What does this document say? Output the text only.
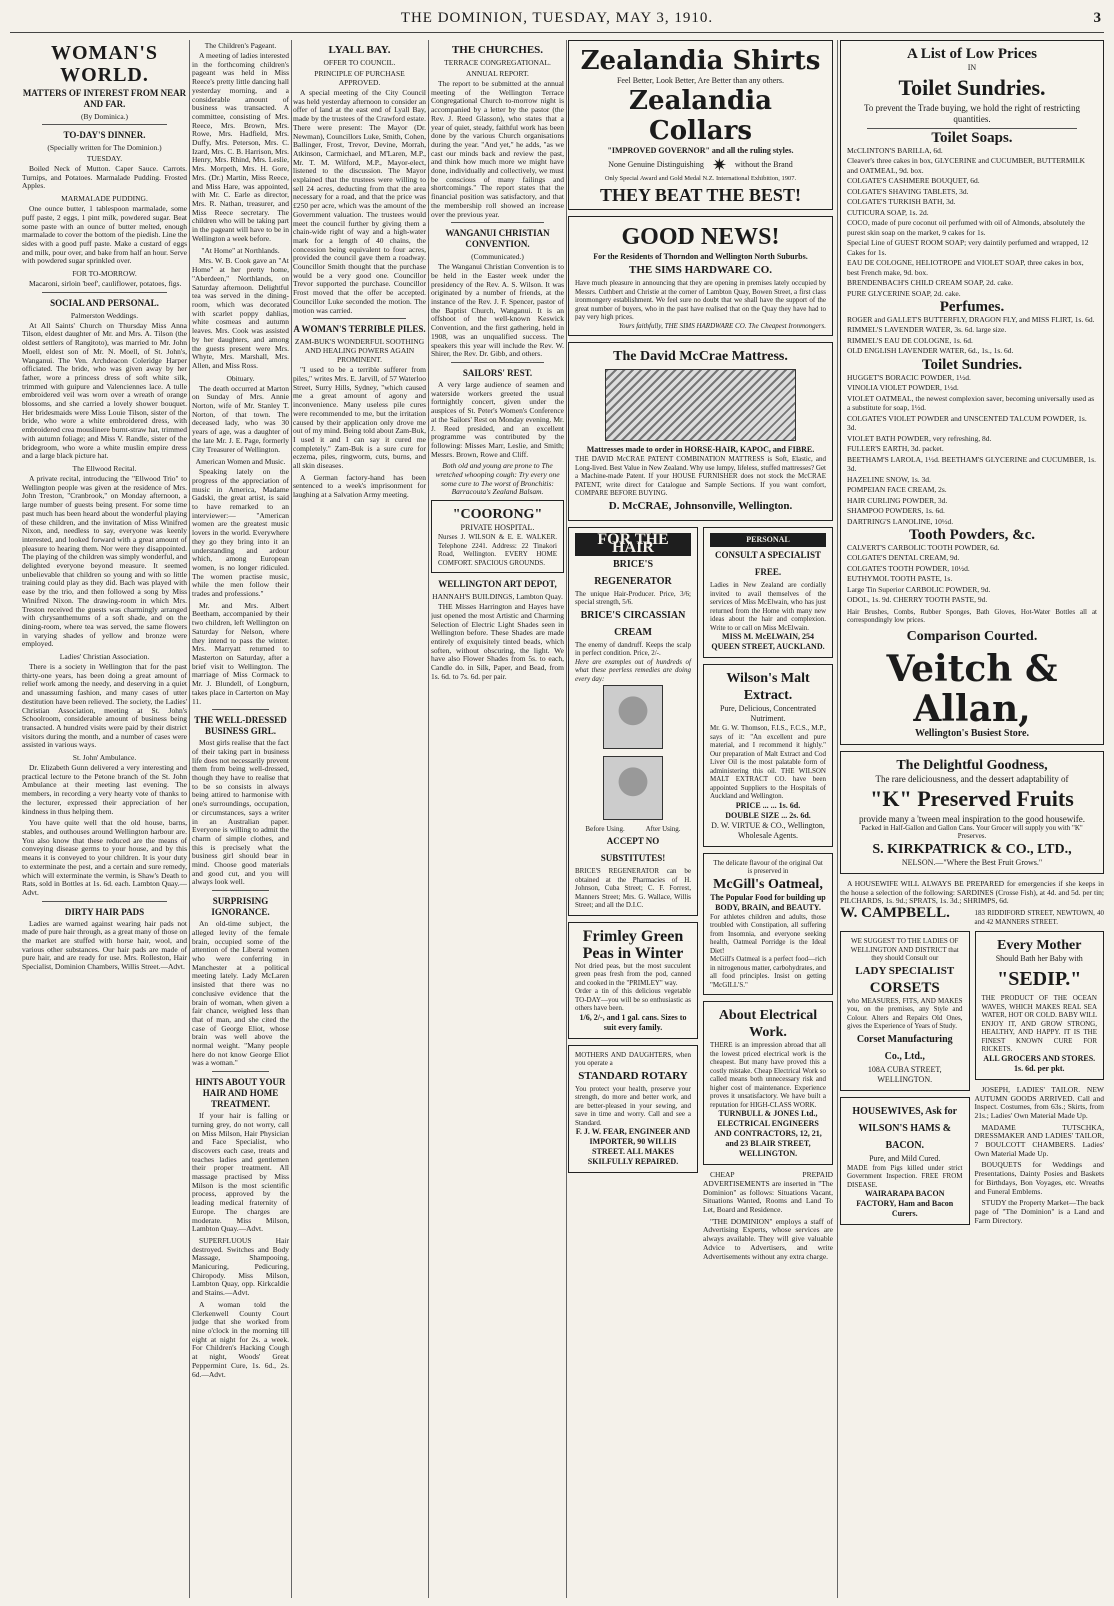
THE DOMINION, TUESDAY, MAY 3, 1910.	3
WOMAN'S WORLD.
MATTERS OF INTEREST FROM NEAR AND FAR.
(By Dominica.)
TO-DAY'S DINNER.
(Specially written for The Dominion.)
TUESDAY.

Boiled Neck of Mutton. Caper Sauce. Carrots. Turnips, and Potatoes. Marmalade Pudding. Frosted Apples.

MARMALADE PUDDING.

One ounce butter, 1 tablespoon marmalade, some puff paste, 2 eggs, 1 pint milk, powdered sugar. Beat some paste with an ounce of butter melted, enough marmalade to cover the bottom of the piedish. Line the sides with a good puff paste. Make a custard of eggs and milk, pour over, and bake from half an hour. Serve with powdered sugar sprinkled over.

FOR TO-MORROW.

Macaroni, sirloin 'beef', cauliflower, potatoes, figs.

SOCIAL AND PERSONAL.
Palmerston Weddings.

At All Saints' Church on Thursday Miss Anna Tilson, eldest daughter of Mr. and Mrs. A. Tilson (the oldest settlers of Rangitoto), was married to Mr. John Moell, eldest son of Mr. N. Moell, of St. John's, Wanganui. The Ven. Archdeacon Coleridge Harper officiated. The bride, who was given away by her father, wore a princess dress of soft white silk, trimmed with guipure and Valenciennes lace. A tulle embroidered veil was worn over a wreath of orange blossoms, and she carried a lovely shower bouquet. Her bridesmaids were Miss Louie Tilson, sister of the bride, who wore a white embroidered dress, with embroidered crea mouslinere burnt-straw hat, trimmed with autumn foliage; and Miss V. Randle, sister of the bridegroom, who wore a white muslin empire dress and a large black picture hat.

The Ellwood Recital.

A private recital, introducing the "Ellwood Trio" to Wellington people was given at the residence of Mrs. John Treston, "Cranbrook," on Monday afternoon, a large number of guests being present. For some time past much has been heard about the wonderful playing of these children, and the invitation of Miss Winifred Nixon, and, needless to say, everyone was keenly interested, and looked forward with a great amount of pleasure to hearing them. Nor were they disappointed. The playing of the children was simply wonderful, and delighted everyone beyond measure. It seemed unbelievable that children so young and with so little training could play as they did. Bach was played with ease by the trio, and then followed a song by Miss Winifred Nixon. The drawing-room in which Mrs. Treston received the guests was charmingly arranged with chrysanthemums of a soft shade, and on the dining-room, where tea was served, the same flowers in varying shades of yellow and bronze were employed.

Ladies' Christian Association.

There is a society in Wellington that for the past thirty-one years, has been doing a great amount of relief work among the needy, and deserving in a quiet and unassuming fashion, and many cases of utter destitution have been relieved. The society, the Ladies' Christian Association, meeting at St. John's Schoolroom, considerable amount of business being transacted. A hundred visits were paid by their district visitors during the month, and a number of cases were assisted in various ways.

St. John' Ambulance.

Dr. Elizabeth Gunn delivered a very interesting and practical lecture to the Petone branch of the St. John Ambulance at their meeting last evening. The members, in recording a very hearty vote of thanks to the lecturer, expressed their appreciation of her kindness in thus helping them.

You have quite well that the old house, barns, stables, and outhouses around Wellington harbour are. You also know that these reduced are the means of conveying disease germs to your house, and by this means it is conveyed to your children. It is your duty to exterminate the pest, and a certain and sure remedy, which will exterminate the vermin, is Shaw's Death to Rats, sold in Bottles at 1s. 6d. each. Lambton Quay.—Advt.

DIRTY HAIR PADS

Ladies are warned against wearing hair pads not made of pure hair through, as a great many of those on the market are stuffed with horse hair, wool, and various other substances. Our hair pads are made of pure hair, and are ready for use. Mrs. Rolleston, Hair Specialist, Dominion Chambers, Willis Street.—Advt.

The Children's Pageant.

A meeting of ladies interested in the forthcoming children's pageant was held in Miss Reece's pretty little dancing hall yesterday morning, and a considerable amount of business was transacted. A committee, consisting of Mrs. Reece, Mrs. Brown, Mrs. Rowe, Mrs. Hadfield, Mrs. Duffy, Mrs. Peterson, Mrs. C. Izard, Mrs. C. B. Harrison, Mrs. Henry, Mrs. Rhind, Mrs. Leslie, Mrs. Morpeth, Mrs. H. Gore, Mrs. (Dr.) Martin, Miss Reece, and Miss Hare, was appointed, with Mr. C. Earle as director, Mrs. R. Nathan, treasurer, and Miss Reece secretary. The children who will be taking part in the pageant will have to be in Wellington a week before.

"At Home" at Northlands.

Mrs. W. B. Cook gave an "At Home" at her pretty home, "Aberdeen," Northlands, on Saturday afternoon. Delightful tea was served in the dining-room, which was decorated with scarlet poppy dahlias, white cosmeas and autumn leaves. Mrs. Cook was assisted by her daughters, and among the guests present were Mrs. Whyte, Mrs. Marshall, Mrs. Allen, and Miss Ross.

Obituary.

The death occurred at Marton on Sunday of Mrs. Annie Norton, wife of Mr. Stanley T. Norton, of that town. The deceased lady, who was 30 years of age, was a daughter of the late Mr. J. E. Page, formerly City Treasurer of Wellington.

American Women and Music.

Speaking lately on the progress of the appreciation of music in America, Madame Gadski, the great artist, is said to have remarked to an interviewer:— "American women are the greatest music lovers in the world. Everywhere they go they bring into it an understanding and ardour which, among European women, is no longer ridiculed. The women practise music, while the men follow their trades and professions."

Mr. and Mrs. Albert Beetham, accompanied by their two children, left Wellington on Saturday for Nelson, where they intend to pass the winter. Mrs. Marryatt returned to Masterton on Saturday, after a brief visit to Wellington. The marriage of Miss Cormack to Mr. J. Blundell, of Longburn, takes place in Carterton on May 11.

THE WELL-DRESSED BUSINESS GIRL.

Most girls realise that the fact of their taking part in business life does not necessarily prevent them from being well-dressed, though they have to realise that to be so consists in always being attired to harmonise with one's surroundings, occupation, or circumstances, says a writer in an Australian paper. Everyone is willing to admit the charm of simple clothes, and this is precisely what the business girl should bear in mind. Choose good materials and good cut, and you will always look well.

SURPRISING IGNORANCE.

An old-time subject, the alleged levity of the female brain, occupied some of the attention of the Liberal women who were conferring in Manchester at a political meeting lately. Lady McLaren insisted that there was no conclusive evidence that the brain of woman, when given a fair chance, weighed less than that of man, and she cited the case of George Eliot, whose brain was well above the normal weight. "Many people here do not know George Eliot was a woman."

HINTS ABOUT YOUR HAIR AND HOME TREATMENT.

If your hair is falling or turning grey, do not worry, call on Miss Milson, Hair Physician and Face Specialist, who discovers each case, treats and teaches ladies and gentlemen their proper treatment. All massage practised by Miss Milson is the most scientific process, approved by the leading medical fraternity of Europe. The charges are moderate. Miss Milson, Lambton Quay.—Advt.

SUPERFLUOUS Hair destroyed. Switches and Body Massage, Shampooing, Manicuring, Pedicuring, Chiropody. Miss Milson, Lambton Quay, opp. Kirkcaldie and Stains.—Advt.

A woman told the Clerkenwell County Court judge that she worked from nine o'clock in the morning till eight at night for 2s. a week. For Children's Hacking Cough at night, Woods' Great Peppermint Cure, 1s. 6d., 2s. 6d.—Advt.

LYALL BAY.
OFFER TO COUNCIL.
PRINCIPLE OF PURCHASE APPROVED.

A special meeting of the City Council was held yesterday afternoon to consider an offer of land at the east end of Lyall Bay, made by the trustees of the Crawford estate. There were present: The Mayor (Dr. Newman), Councillors Luke, Smith, Cohen, Ballinger, Frost, Trevor, Devine, Morrah, Atkinson, Carmichael, and M'Laren, M.P., Mr. T. M. Wilford, M.P., Mayor-elect, listened to the discussion. The Mayor explained that the trustees were willing to sell 24 acres, deducting from that the area necessary for a road, and that the price was £250 per acre, which was the amount of the Government valuation. The trustees would meet the council further by giving them a chain-wide right of way and a high-water mark for a length of 40 chains, the concession being equivalent to four acres, provided the council gave them a roadway. Councillor Smith thought that the purchase would be a very good one. Councillor Trevor supported the purchase. Councillor Frost moved that the offer be accepted. Councillor Luke seconded the motion. The motion was carried.

A WOMAN'S TERRIBLE PILES.
ZAM-BUK'S WONDERFUL SOOTHING AND HEALING POWERS AGAIN PROMINENT.

"I used to be a terrible sufferer from piles," writes Mrs. E. Jarvill, of 57 Waterloo Street, Surry Hills, Sydney, "which caused me a great amount of agony and inconvenience. Many useless pile cures were recommended to me, but the irritation caused by their application only drove me out of my mind. Being told about Zam-Buk, I used it and I can say it cured me completely." Zam-Buk is a sure cure for eczema, piles, ringworm, cuts, burns, and all skin diseases.

A German factory-hand has been sentenced to a week's imprisonment for laughing at a Salvation Army meeting.

THE CHURCHES.
TERRACE CONGREGATIONAL.
ANNUAL REPORT.

The report to be submitted at the annual meeting of the Wellington Terrace Congregational Church to-morrow night is accompanied by a letter by the pastor (the Rev. J. Reed Glasson), who states that a year of quiet, steady, faithful work has been done by the various Church organisations during the year. "And yet," he adds, "as we cast our minds back and review the past, and think how much more we might have done, individually and collectively, we must be conscious of many failings and shortcomings." The report states that the financial position was satisfactory, and that the membership roll showed an increase over the previous year.

WANGANUI CHRISTIAN CONVENTION.
(Communicated.)

The Wanganui Christian Convention is to be held in the Easter week under the presidency of the Rev. A. S. Wilson. It was originated by a number of friends, at the instance of the Rev. J. F. Spencer, pastor of the Baptist Church, Wanganui. It is an offshoot of the well-known Keswick Convention, and the first gathering, held in 1908, was an unqualified success. The speakers this year will include the Rev. W. Shirer, the Rev. Dr. Gibb, and others.

SAILORS' REST.

A very large audience of seamen and waterside workers greeted the usual fortnightly concert, given under the auspices of St. Peter's Women's Conference at the Sailors' Rest on Monday evening. Mr. J. Reed presided, and an excellent programme was contributed by the following: Misses Marr, Leslie, and Smith; Messrs. Brown, Rowe and Cliff.

Both old and young are prone to The wretched whooping cough: Try every one some cure to The worst of Bronchitis: Barracouta's Zealand Balsam.

"COORONG"
PRIVATE HOSPITAL.
Nurses J. WILSON & E. E. WALKER. Telephone 2241. Address: 22 Tinakori Road, Wellington. EVERY HOME COMFORT. SPACIOUS GROUNDS.
WELLINGTON ART DEPOT,
HANNAH'S BUILDINGS, Lambton Quay.

THE Misses Harrington and Hayes have just opened the most Artistic and Charming Selection of Electric Light Shades seen in Wellington before. These Shades are made entirely of exquisitely tinted beads, which soften, without obscuring, the light. We have also Flower Shades from 5s. to each, Candle do. in Silk, Paper, and Bead, from 1s. 6d. to 7s. 6d. per pair.

Zealandia Shirts
Feel Better, Look Better, Are Better than any others.
Zealandia Collars
"IMPROVED GOVERNOR" and all the ruling styles.
None Genuine Distinguishing ✷ without the Brand
Only Special Award and Gold Medal N.Z. International Exhibition, 1907.
THEY BEAT THE BEST!
GOOD NEWS!
For the Residents of Thorndon and Wellington North Suburbs.
THE SIMS HARDWARE CO.
Have much pleasure in announcing that they are opening in premises lately occupied by Messrs. Cuthbert and Christie at the corner of Lambton Quay, Bowen Street, a first class ironmongery establishment. We feel sure no doubt that we shall have the support of the great number of buyers, who in the past have realised that on the Quay they have had to pay very high prices.
Yours faithfully, THE SIMS HARDWARE CO. The Cheapest Ironmongers.
The David McCrae Mattress.
Mattresses made to order in HORSE-HAIR, KAPOC, and FIBRE.
THE DAVID McCRAE PATENT COMBINATION MATTRESS is Soft, Elastic, and Long-lived. Best Value in New Zealand. Why use lumpy, lifeless, stuffed mattresses? Get a Machine-made Patent. If your HOUSE FURNISHER does not stock the McCRAE PATENT, write direct for Catalogue and Sample Sections. If you want comfort, COMPARE BEFORE BUYING.
D. McCRAE, Johnsonville, Wellington.
FOR THE HAIR
BRICE'S REGENERATOR
The unique Hair-Producer. Price, 3/6; special strength, 5/6.
BRICE'S CIRCASSIAN CREAM
The enemy of dandruff. Keeps the scalp in perfect condition. Price, 2/-.
Here are examples out of hundreds of what these peerless remedies are doing every day:

Before Using.	After Using.
ACCEPT NO SUBSTITUTES!
BRICE'S REGENERATOR can be obtained at the Pharmacies of H. Johnson, Cuba Street; C. F. Forrest, Manners Street; Mrs. G. Wallace, Willis Street; and all the D.I.C.
Frimley Green Peas in Winter
Not dried peas, but the most succulent green peas fresh from the pod, canned and cooked in the "PRIMLEY" way.
Order a tin of this delicious vegetable TO-DAY—you will be so enthusiastic as others have been.
1/6, 2/-, and 1 gal. cans. Sizes to suit every family.
MOTHERS AND DAUGHTERS, when you operate a
STANDARD ROTARY
You protect your health, preserve your strength, do more and better work, and are better-pleased in your sewing, and save in time and worry. Call and see a Standard.
F. J. W. FEAR, ENGINEER AND IMPORTER, 90 WILLIS STREET. ALL MAKES SKILFULLY REPAIRED.
PERSONAL
CONSULT A SPECIALIST FREE.
Ladies in New Zealand are cordially invited to avail themselves of the services of Miss McElwain, who has just returned from the Home with many new ideas about the hair and complexion. Write to or call on Miss McElwain.
MISS M. McELWAIN, 254 QUEEN STREET, AUCKLAND.
Wilson's Malt Extract.
Pure, Delicious, Concentrated Nutriment.
Mr. G. W. Thomson, F.I.S., F.C.S., M.P., says of it: "An excellent and pure material, and I recommend it highly." Our preparation of Malt Extract and Cod Liver Oil is the most palatable form of administering this oil. THE WILSON MALT EXTRACT CO. have been appointed Suppliers to the Hospitals of Auckland and Wellington.
PRICE ... ... 1s. 6d.
DOUBLE SIZE ... 2s. 6d.
D. W. VIRTUE & CO., Wellington, Wholesale Agents.
The delicate flavour of the original Oat is preserved in
McGill's Oatmeal,
The Popular Food for building up BODY, BRAIN, and BEAUTY.
For athletes children and adults, those troubled with Constipation, all suffering from Insomnia, and everyone seeking health, Oatmeal Porridge is the Ideal Diet!
McGill's Oatmeal is a perfect food—rich in nitrogenous matter, carbohydrates, and all food principles. Insist on getting "McGILL'S."
About Electrical Work.
THERE is an impression abroad that all the lowest priced electrical work is the cheapest. But many have proved this a costly mistake. Cheap Electrical Work so called means both unnecessary risk and higher cost of maintenance. Experience proves it unsatisfactory. We have built a reputation for HIGH-CLASS WORK.
TURNBULL & JONES Ltd., ELECTRICAL ENGINEERS AND CONTRACTORS, 12, 21, and 23 BLAIR STREET, WELLINGTON.

CHEAP PREPAID ADVERTISEMENTS are inserted in "The Dominion" as follows: Situations Vacant, Situations Wanted, Rooms and Land To Let, Board and Residence.

"THE DOMINION" employs a staff of Advertising Experts, whose services are always available. They will give valuable Advice to Advertisers, and write Advertisements without any extra charge.

A List of Low Prices
IN
Toilet Sundries.
To prevent the Trade buying, we hold the right of restricting quantities.
Toilet Soaps.
McCLINTON'S BARILLA, 6d.
Cleaver's three cakes in box, GLYCERINE and CUCUMBER, BUTTERMILK and OATMEAL, 9d. box.
COLGATE'S CASHMERE BOUQUET, 6d.
COLGATE'S SHAVING TABLETS, 3d.
COLGATE'S TURKISH BATH, 3d.
CUTICURA SOAP, 1s. 2d.
COCO, made of pure coconut oil perfumed with oil of Almonds, absolutely the purest skin soap on the market, 9 cakes for 1s.
Special Line of GUEST ROOM SOAP; very daintily perfumed and wrapped, 12 Cakes for 1s.
EAU DE COLOGNE, HELIOTROPE and VIOLET SOAP, three cakes in box, best French make, 9d. box.
BRENDENBACH'S CHILD CREAM SOAP, 2d. cake.
PURE GLYCERINE SOAP, 2d. cake.
Perfumes.
ROGER and GALLET'S BUTTERFLY, DRAGON FLY, and MISS FLIRT, 1s. 6d.
RIMMEL'S LAVENDER WATER, 3s. 6d. large size.
RIMMEL'S EAU DE COLOGNE, 1s. 6d.
OLD ENGLISH LAVENDER WATER, 6d., 1s., 1s. 6d.
Toilet Sundries.
HUGGET'S BORACIC POWDER, 1½d.
VINOLIA VIOLET POWDER, 1½d.
VIOLET OATMEAL, the newest complexion saver, becoming universally used as a substitute for soap, 1½d.
COLGATE'S VIOLET POWDER and UNSCENTED TALCUM POWDER, 1s. 3d.
VIOLET BATH POWDER, very refreshing, 8d.
FULLER'S EARTH, 3d. packet.
BEETHAM'S LAROLA, 1½d. BEETHAM'S GLYCERINE and CUCUMBER, 1s. 3d.
HAZELINE SNOW, 1s. 3d.
POMPEIAN FACE CREAM, 2s.
HAIR CURLING POWDER, 3d.
SHAMPOO POWDERS, 1s. 6d.
DARTRING'S LANOLINE, 10½d.
Tooth Powders, &c.
CALVERT'S CARBOLIC TOOTH POWDER, 6d.
COLGATE'S DENTAL CREAM, 9d.
COLGATE'S TOOTH POWDER, 10½d.
EUTHYMOL TOOTH PASTE, 1s.
Large Tin Superior CARBOLIC POWDER, 9d.
ODOL, 1s. 9d. CHERRY TOOTH PASTE, 9d.
Hair Brushes, Combs, Rubber Sponges, Bath Gloves, Hot-Water Bottles all at correspondingly low prices.
Comparison Courted.
Veitch & Allan,
Wellington's Busiest Store.
The Delightful Goodness,
The rare deliciousness, and the dessert adaptability of
"K" Preserved Fruits
provide many a 'tween meal inspiration to the good housewife.
Packed in Half-Gallon and Gallon Cans. Your Grocer will supply you with "K" Preserves.
S. KIRKPATRICK & CO., LTD.,
NELSON.—"Where the Best Fruit Grows."

A HOUSEWIFE WILL ALWAYS BE PREPARED for emergencies if she keeps in the house a selection of the following: SARDINES (Crosse Fish), at 4d. and 5d. per tin; PILCHARDS, 1s. 9d.; SPRATS, 1s. 3d.; SHRIMPS, 6d.

W. CAMPBELL.	183 RIDDIFORD STREET, NEWTOWN, 40 and 42 MANNERS STREET.
WE SUGGEST TO THE LADIES OF WELLINGTON AND DISTRICT that they should Consult our
LADY SPECIALIST
CORSETS
who MEASURES, FITS, AND MAKES you, on the premises, any Style and Colour. Alters and Repairs Old Ones, gives the Experience of Years of Study.
Corset Manufacturing Co., Ltd.,
108A CUBA STREET, WELLINGTON.
HOUSEWIVES, Ask for WILSON'S HAMS & BACON.
Pure, and Mild Cured.
MADE from Pigs killed under strict Government Inspection. FREE FROM DISEASE.
WAIRARAPA BACON FACTORY, Ham and Bacon Curers.
Every Mother
Should Bath her Baby with
"SEDIP."
THE PRODUCT OF THE OCEAN WAVES, WHICH MAKES REAL SEA WATER, HOT OR COLD. BABY WILL ENJOY IT, AND GROW STRONG, HEALTHY, AND HAPPY. IT IS THE FINEST KNOWN CURE FOR RICKETS.
ALL GROCERS AND STORES. 1s. 6d. per pkt.

JOSEPH, LADIES' TAILOR. NEW AUTUMN GOODS ARRIVED. Call and Inspect. Costumes, from 63s.; Skirts, from 21s.; Ladies' Own Material Made Up.

MADAME TUTSCHKA, DRESSMAKER AND LADIES' TAILOR, 7 BOULCOTT CHAMBERS. Ladies' Own Material Made Up.

BOUQUETS for Weddings and Presentations, Dainty Posies and Baskets for Birthdays, Bon Voyages, etc. Wreaths and Funeral Emblems.

STUDY the Property Market—The back page of "The Dominion" is a Land and Farm Directory.
